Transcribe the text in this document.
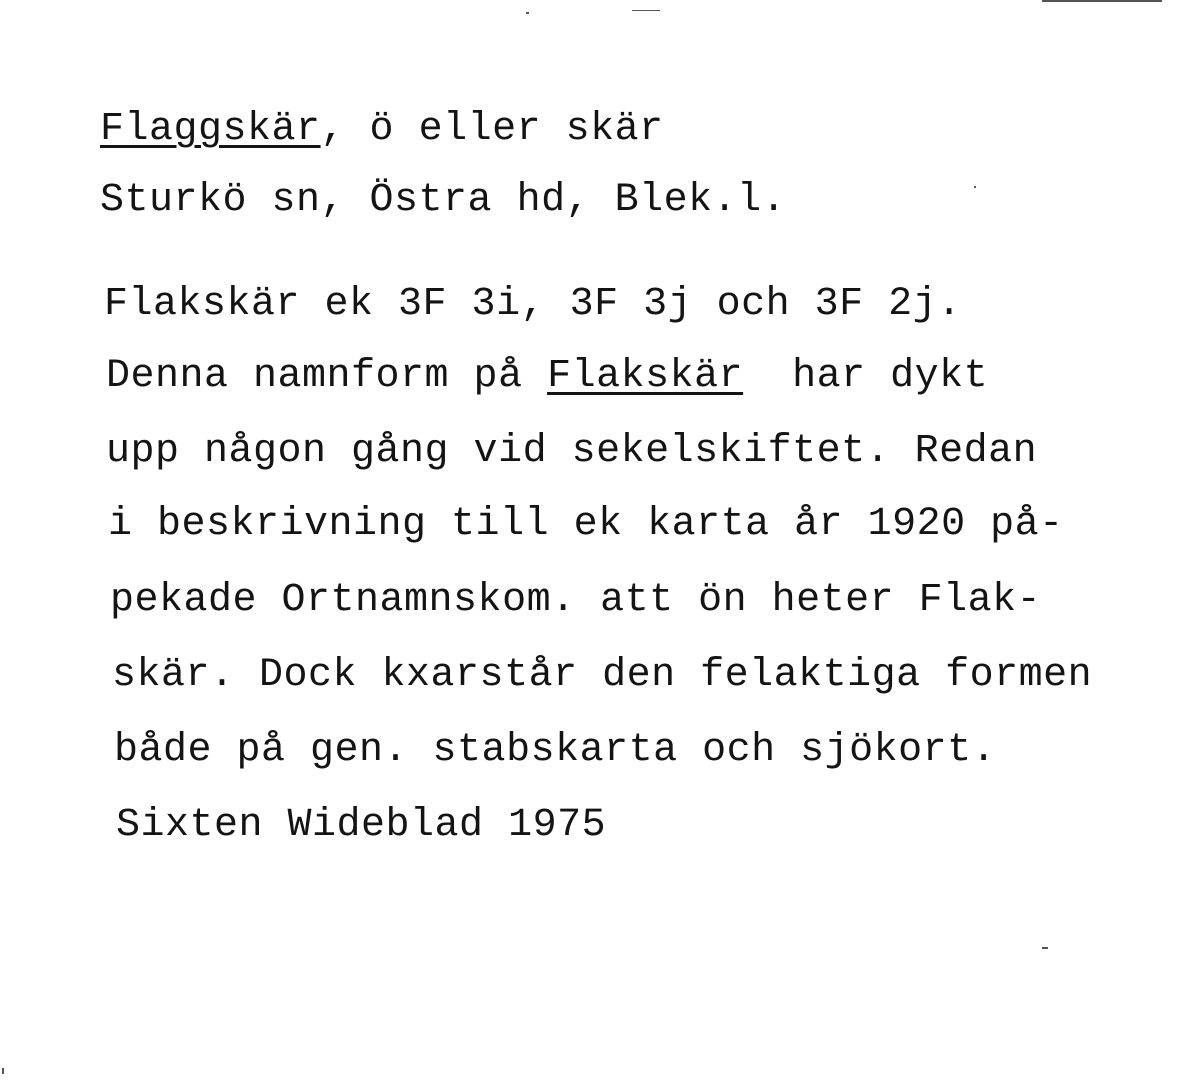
Flaggskär, ö eller skär
Sturkö sn, Östra hd, Blek.l.
Flakskär ek 3F 3i, 3F 3j och 3F 2j.
Denna namnform på Flakskär  har dykt
upp någon gång vid sekelskiftet. Redan
i beskrivning till ek karta år 1920 på-
pekade Ortnamnskom. att ön heter Flak-
skär. Dock kxarstår den felaktiga formen
både på gen. stabskarta och sjökort.
Sixten Wideblad 1975
